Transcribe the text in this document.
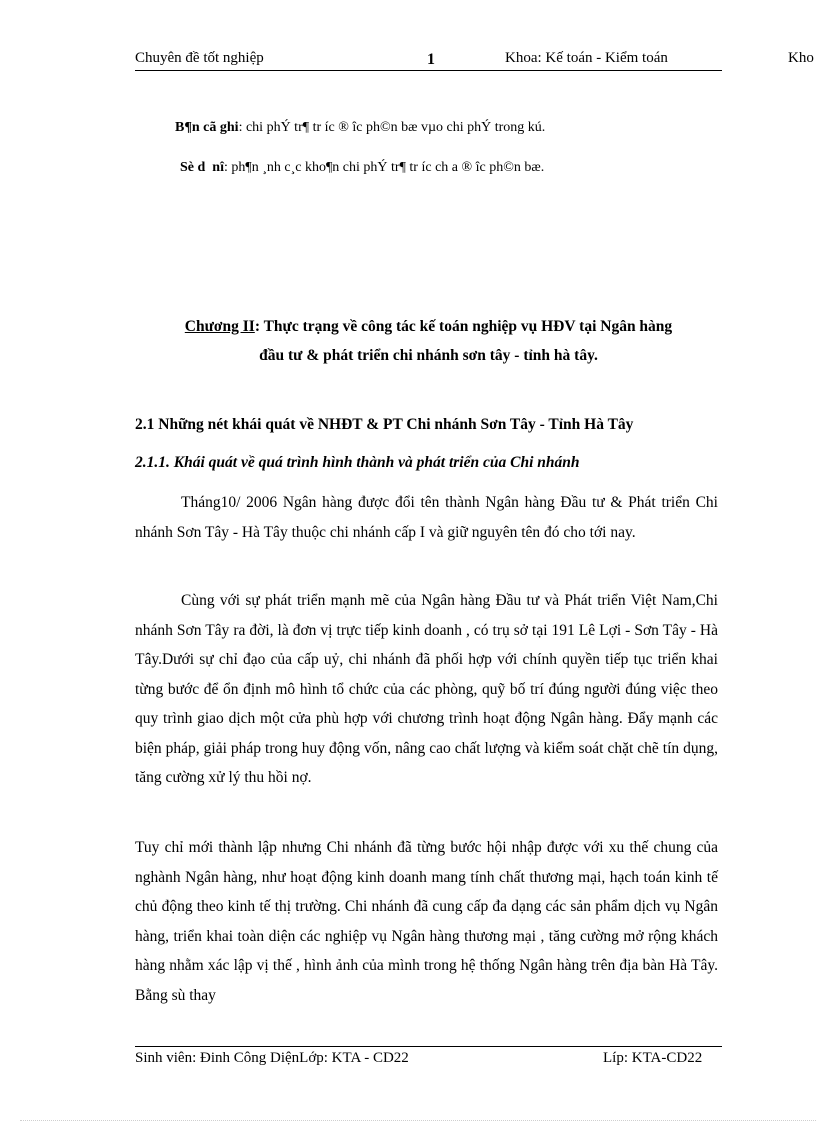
Chuyên đề tốt nghiệp	1	Khoa: Kế toán - Kiểm toán	Kho
B¶n cã ghi: chi phÝ tr¶ tr íc ® îc ph©n bæ vµo chi phÝ trong kú.
Sè d nî: ph¶n ¸nh c¸c kho¶n chi phÝ tr¶ tr íc ch a ® îc ph©n bæ.
Chương II: Thực trạng về công tác kế toán nghiệp vụ HĐV tại Ngân hàng
đầu tư & phát triển chi nhánh sơn tây - tỉnh hà tây.
2.1 Những nét khái quát về NHĐT & PT Chi nhánh Sơn Tây - Tỉnh Hà Tây
2.1.1. Khái quát về quá trình hình thành và phát triển của Chi nhánh
Tháng10/ 2006 Ngân hàng được đổi tên thành Ngân hàng Đầu tư & Phát triển Chi nhánh Sơn Tây - Hà Tây thuộc chi nhánh cấp I và giữ nguyên tên đó cho tới nay.
Cùng với sự phát triển mạnh mẽ của Ngân hàng Đầu tư và Phát triển Việt Nam,Chi nhánh Sơn Tây ra đời, là đơn vị trực tiếp kinh doanh , có trụ sở tại 191 Lê Lợi - Sơn Tây - Hà Tây.Dưới sự chỉ đạo của cấp uỷ, chi nhánh đã phối hợp với chính quyền tiếp tục triển khai từng bước để ổn định mô hình tổ chức của các phòng, quỹ bố trí đúng người đúng việc theo quy trình giao dịch một cửa phù hợp với chương trình hoạt động Ngân hàng. Đẩy mạnh các biện pháp, giải pháp trong huy động vốn, nâng cao chất lượng và kiểm soát chặt chẽ tín dụng, tăng cường xử lý thu hồi nợ.
Tuy chỉ mới thành lập nhưng Chi nhánh đã từng bước hội nhập được với xu thế chung của nghành Ngân hàng, như hoạt động kinh doanh mang tính chất thương mại, hạch toán kinh tế chủ động theo kinh tế thị trường. Chi nhánh đã cung cấp đa dạng các sản phẩm dịch vụ Ngân hàng, triển khai toàn diện các nghiệp vụ Ngân hàng thương mại , tăng cường mở rộng khách hàng nhằm xác lập vị thế , hình ảnh của mình trong hệ thống Ngân hàng trên địa bàn Hà Tây. Bằng sù thay
Sinh viên: Đinh Công DiệnLớp: KTA - CD22	Líp: KTA-CD22
